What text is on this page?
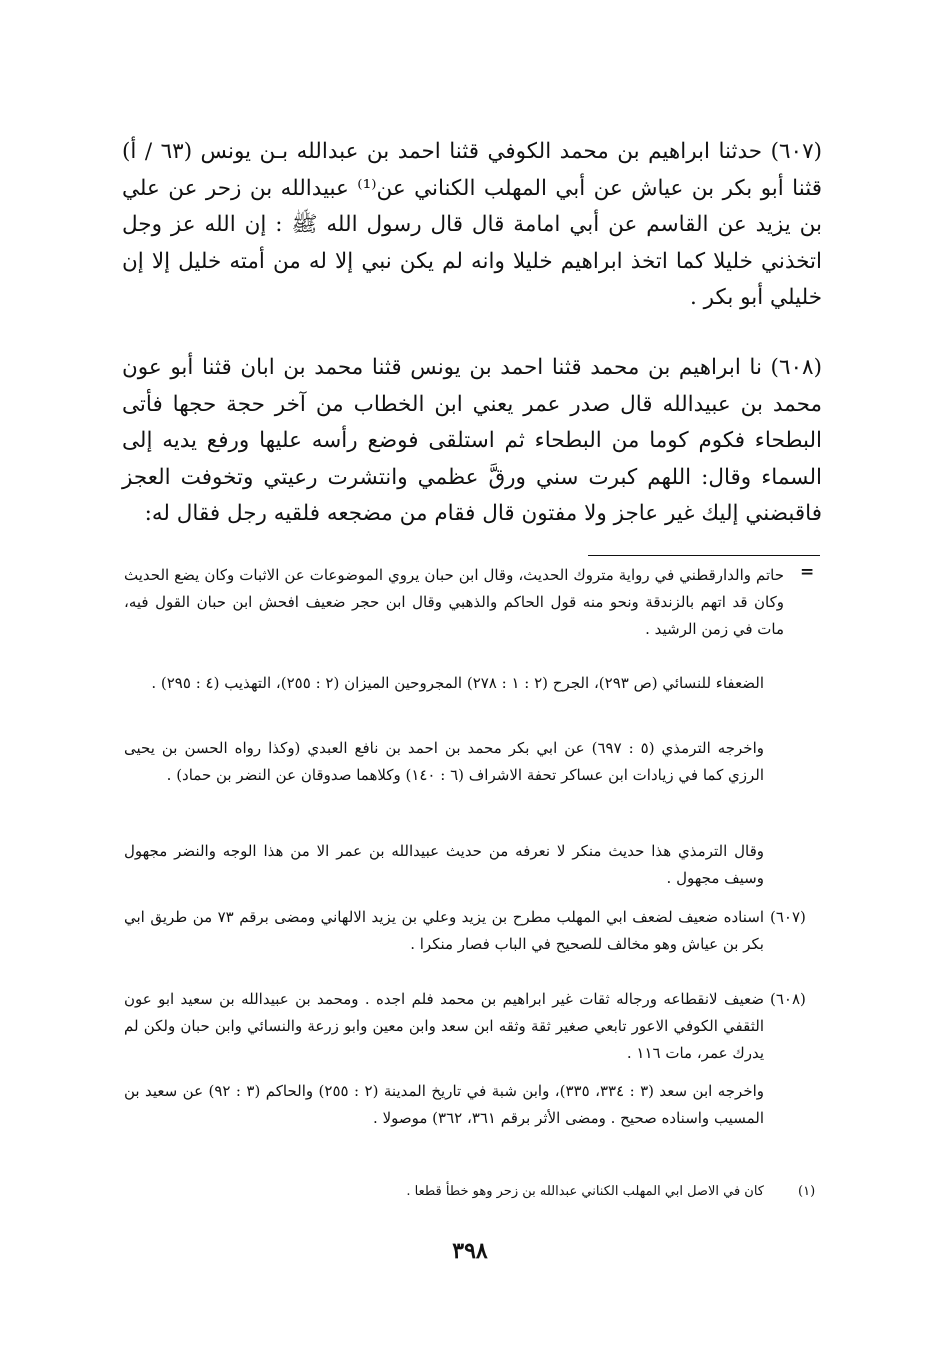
(٦٠٧) حدثنا ابراهيم بن محمد الكوفي قثنا احمد بن عبدالله بـن يونس (٦٣ / أ) قثنا أبو بكر بن عياش عن أبي المهلب الكناني عن⁽¹⁾ عبيدالله بن زحر عن علي بن يزيد عن القاسم عن أبي امامة قال قال رسول الله ﷺ : إن الله عز وجل اتخذني خليلا كما اتخذ ابراهيم خليلا وانه لم يكن نبي إلا له من أمته خليل إلا إن خليلي أبو بكر .
(٦٠٨) نا ابراهيم بن محمد قثنا احمد بن يونس قثنا محمد بن ابان قثنا أبو عون محمد بن عبيدالله قال صدر عمر يعني ابن الخطاب من آخر حجة حجها فأتى البطحاء فكوم كوما من البطحاء ثم استلقى فوضع رأسه عليها ورفع يديه إلى السماء وقال: اللهم كبرت سني ورقَّ عظمي وانتشرت رعيتي وتخوفت العجز فاقبضني إليك غير عاجز ولا مفتون قال فقام من مضجعه فلقيه رجل فقال له:
=
حاتم والدارقطني في رواية متروك الحديث، وقال ابن حبان يروي الموضوعات عن الاثبات وكان يضع الحديث وكان قد اتهم بالزندقة ونحو منه قول الحاكم والذهبي وقال ابن حجر ضعيف افحش ابن حبان القول فيه، مات في زمن الرشيد .
الضعفاء للنسائي (ص ٢٩٣)، الجرح (٢ : ١ : ٢٧٨) المجروحين الميزان (٢ : ٢٥٥)، التهذيب (٤ : ٢٩٥) .
واخرجه الترمذي (٥ : ٦٩٧) عن ابي بكر محمد بن احمد بن نافع العبدي (وكذا رواه الحسن بن يحيى الرزي كما في زيادات ابن عساكر تحفة الاشراف (٦ : ١٤٠) وكلاهما صدوقان عن النضر بن حماد) .
وقال الترمذي هذا حديث منكر لا نعرفه من حديث عبيدالله بن عمر الا من هذا الوجه والنضر مجهول وسيف مجهول .
(٦٠٧)
اسناده ضعيف لضعف ابي المهلب مطرح بن يزيد وعلي بن يزيد الالهاني ومضى برقم ٧٣ من طريق ابي بكر بن عياش وهو مخالف للصحيح في الباب فصار منكرا .
(٦٠٨)
ضعيف لانقطاعه ورجاله ثقات غير ابراهيم بن محمد فلم اجده . ومحمد بن عبيدالله بن سعيد ابو عون الثقفي الكوفي الاعور تابعي صغير ثقة وثقه ابن سعد وابن معين وابو زرعة والنسائي وابن حبان ولكن لم يدرك عمر، مات ١١٦ .
واخرجه ابن سعد (٣ : ٣٣٤، ٣٣٥)، وابن شبة في تاريخ المدينة (٢ : ٢٥٥) والحاكم (٣ : ٩٢) عن سعيد بن المسيب واسناده صحيح . ومضى الأثر برقم ٣٦١، ٣٦٢) موصولا .
(١)
كان في الاصل ابي المهلب الكناني عبدالله بن زحر وهو خطأ قطعا .
٣٩٨
